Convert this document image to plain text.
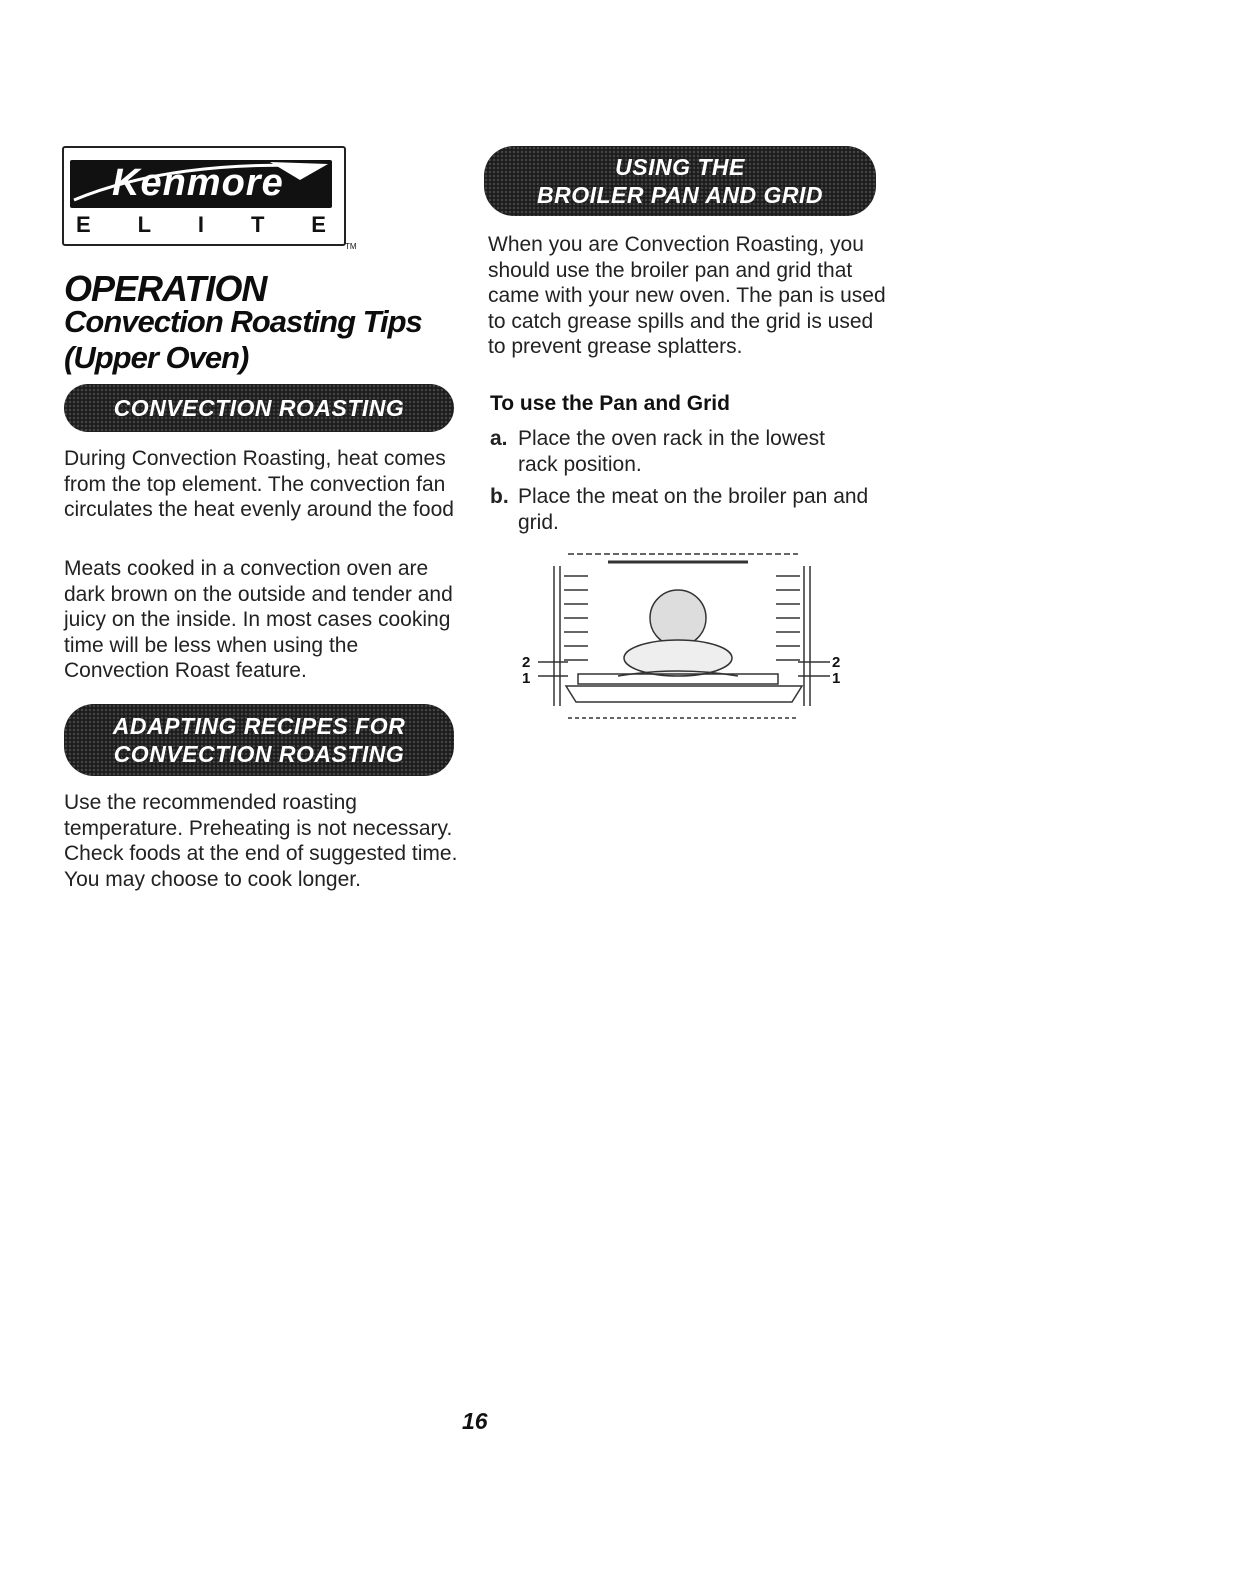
Kenmore
E L I T E
TM
OPERATION
Convection Roasting Tips
(Upper Oven)
CONVECTION ROASTING
During Convection Roasting, heat comes from the top element. The convection fan circulates the heat evenly around the food
Meats cooked in a convection oven are dark brown on the outside and tender and juicy on the inside. In most cases cooking time will be less when using the Convection Roast feature.
ADAPTING RECIPES FOR
CONVECTION ROASTING
Use the recommended roasting temperature. Preheating is not necessary. Check foods at the end of suggested time. You may choose to cook longer.
USING THE
BROILER PAN AND GRID
When you are Convection Roasting, you should use the broiler pan and grid that came with your new oven. The pan is used to catch grease spills and the grid is used to prevent grease splatters.
To use the Pan and Grid
a. Place the oven rack in the lowest rack position.
b. Place the meat on the broiler pan and grid.
2
1
2
1
16
